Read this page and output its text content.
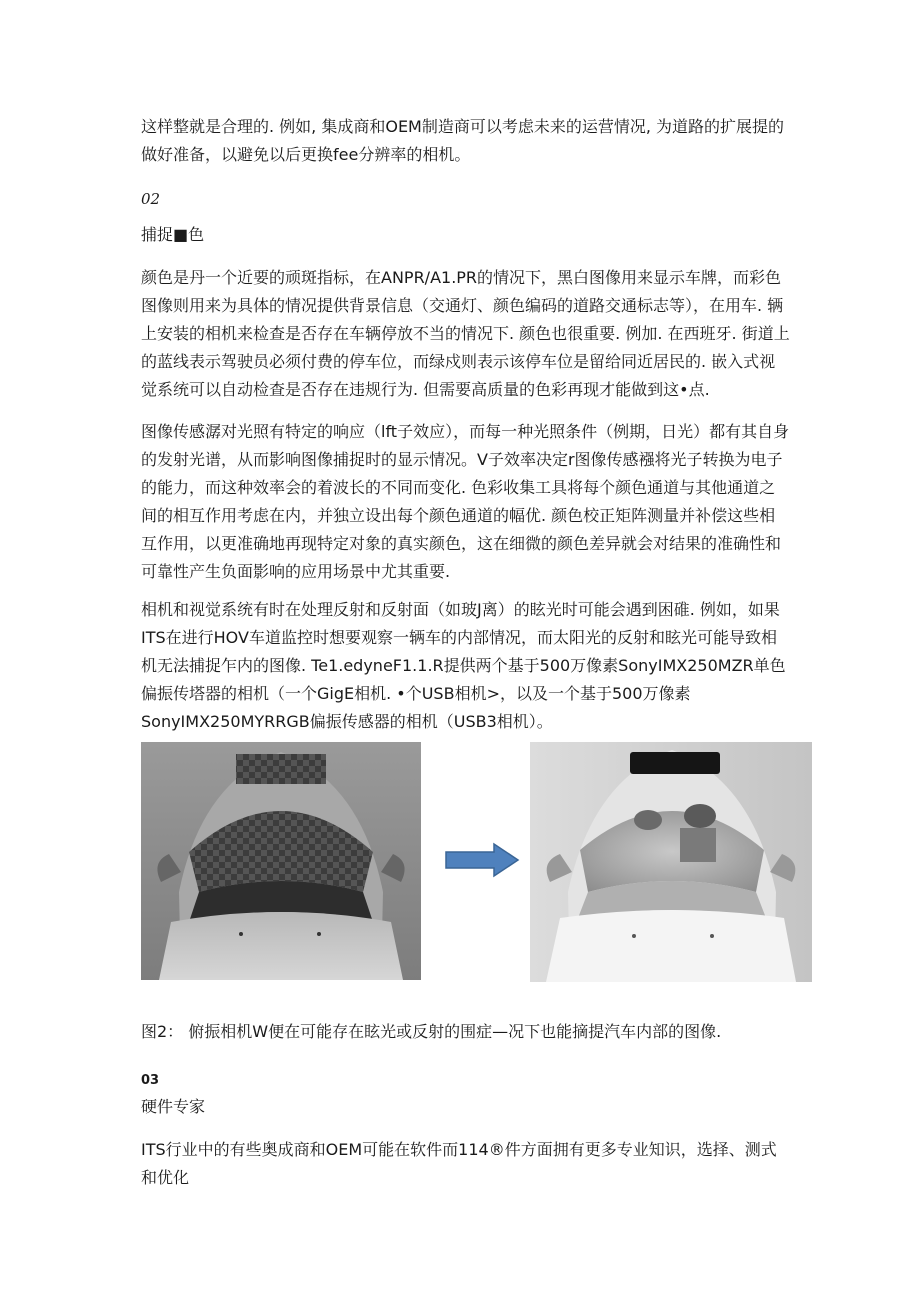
这样整就是合理的. 例如, 集成商和OEM制造商可以考虑未来的运营情况, 为道路的扩展提的做好准备，以避免以后更换fee分辨率的相机。

02
捕捉■色

颜色是丹一个近要的顽斑指标，在ANPR/A1.PR的情况下，黑白图像用来显示车牌，而彩色图像则用来为具体的情况提供背景信息（交通灯、颜色编码的道路交通标志等），在用车. 辆上安装的相机来检查是否存在车辆停放不当的情况下. 颜色也很重要. 例加. 在西班牙. 街道上的蓝线表示驾驶员必须付费的停车位，而绿戍则表示该停车位是留给同近居民的. 嵌入式视觉系统可以自动检查是否存在违规行为. 但需要高质量的色彩再现才能做到这•点.

图像传感潺对光照有特定的响应（lft子效应），而每一种光照条件（例期，日光）都有其自身的发射光谱，从而影响图像捕捉时的显示情况。V子效率决定r图像传感襁将光子转换为电子的能力，而这种效率会的着波长的不同而变化. 色彩收集工具将每个颜色通道与其他通道之间的相互作用考虑在内，并独立设出每个颜色通道的幅优. 颜色校正矩阵测量并补偿这些相互作用，以更准确地再现特定对象的真实颜色，这在细微的颜色差异就会对结果的准确性和可靠性产生负面影响的应用场景中尤其重要.

相机和视觉系统有时在处理反射和反射面（如玻J离）的眩光时可能会遇到困碓. 例如，如果ITS在进行HOV车道监控时想要观察一辆车的内部情况，而太阳光的反射和眩光可能导致相机无法捕捉乍内的图像. Te1.edyneF1.1.R提供两个基于500万像素SonyIMX250MZR单色偏振传塔器的相机（一个GigE相机. •个USB相机>，以及一个基于500万像素SonyIMX250MYRRGB偏振传感器的相机（USB3相机）。

图2： 俯振相机W便在可能存在眩光或反射的围症—况下也能摘提汽车内部的图像.
03
硬件专家

ITS行业中的有些奥成商和OEM可能在软件而114®件方面拥有更多专业知识，选择、测式和优化
